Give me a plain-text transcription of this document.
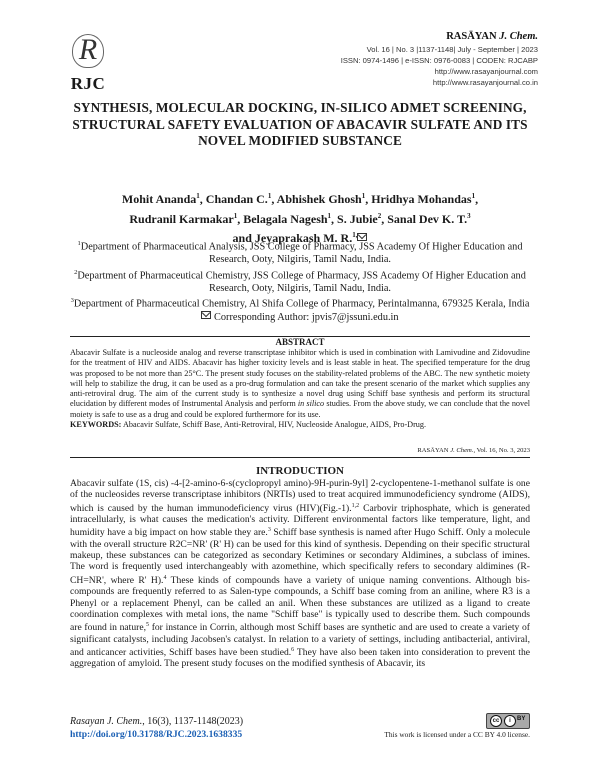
R
RJC
RASĀYAN J. Chem.
Vol. 16 | No. 3 |1137-1148| July - September | 2023
ISSN: 0974-1496 | e-ISSN: 0976-0083 | CODEN: RJCABP
http://www.rasayanjournal.com
http://www.rasayanjournal.co.in
SYNTHESIS, MOLECULAR DOCKING, IN-SILICO ADMET SCREENING, STRUCTURAL SAFETY EVALUATION OF ABACAVIR SULFATE AND ITS NOVEL MODIFIED SUBSTANCE
Mohit Ananda$^1$, Chandan C.$^1$, Abhishek Ghosh$^1$, Hridhya Mohandas$^1$,
Rudranil Karmakar$^1$, Belagala Nagesh$^1$, S. Jubie$^2$, Sanal Dev K. T.$^3$
and Jeyaprakash M. R.$^{1,}$
$^1$Department of Pharmaceutical Analysis, JSS College of Pharmacy, JSS Academy Of Higher Education and Research, Ooty, Nilgiris, Tamil Nadu, India.
$^2$Department of Pharmaceutical Chemistry, JSS College of Pharmacy, JSS Academy Of Higher Education and Research, Ooty, Nilgiris, Tamil Nadu, India.
$^3$Department of Pharmaceutical Chemistry, Al Shifa College of Pharmacy, Perintalmanna, 679325 Kerala, India
Corresponding Author: jpvis7@jssuni.edu.in
ABSTRACT
Abacavir Sulfate is a nucleoside analog and reverse transcriptase inhibitor which is used in combination with Lamivudine and Zidovudine for the treatment of HIV and AIDS. Abacavir has higher toxicity levels and is least stable in heat. The specified temperature for the drug was proposed to be not more than 25°C. The present study focuses on the stability-related problems of the ABC. The new synthetic moiety will help to stabilize the drug, it can be used as a pro-drug formulation and can take the present scenario of the market which supplies any anti-retroviral drug. The aim of the current study is to synthesize a novel drug using Schiff base synthesis and perform its structural elucidation by different modes of Instrumental Analysis and perform in silico studies. From the above study, we can conclude that the novel moiety is safe to use as a drug and could be explored furthermore for its use.
KEYWORDS: Abacavir Sulfate, Schiff Base, Anti-Retroviral, HIV, Nucleoside Analogue, AIDS, Pro-Drug.
RASĀYAN J. Chem., Vol. 16, No. 3, 2023
INTRODUCTION
Abacavir sulfate (1S, cis) -4-[2-amino-6-s(cyclopropyl amino)-9H-purin-9yl] 2-cyclopentene-1-methanol sulfate is one of the nucleosides reverse transcriptase inhibitors (NRTIs) used to treat acquired immunodeficiency syndrome (AIDS), which is caused by the human immunodeficiency virus (HIV)(Fig.-1).$^{1,2}$ Carbovir triphosphate, which is generated intracellularly, is what causes the medication's activity. Different environmental factors like temperature, light, and humidity have a big impact on how stable they are.$^3$ Schiff base synthesis is named after Hugo Schiff. Only a molecule with the overall structure R2C=NR' (R' H) can be used for this kind of synthesis. Depending on their specific structural makeup, these substances can be categorized as secondary Ketimines or secondary Aldimines, a subclass of imines. The word is frequently used interchangeably with azomethine, which specifically refers to secondary aldimines (R-CH=NR', where R' H).$^4$ These kinds of compounds have a variety of unique naming conventions. Although bis-compounds are frequently referred to as Salen-type compounds, a Schiff base coming from an aniline, where R3 is a Phenyl or a replacement Phenyl, can be called an anil. When these substances are utilized as a ligand to create coordination complexes with metal ions, the name "Schiff base" is typically used to describe them. Such compounds are found in nature,$^5$ for instance in Corrin, although most Schiff bases are synthetic and are used to create a variety of significant catalysts, including Jacobsen's catalyst. In relation to a variety of settings, including antibacterial, antiviral, and anticancer activities, Schiff bases have been studied.$^6$ They have also been taken into consideration to prevent the aggregation of amyloid. The present study focuses on the modified synthesis of Abacavir, its
Rasayan J. Chem., 16(3), 1137-1148(2023)
http://doi.org/10.31788/RJC.2023.1638335
cc	i	BY
This work is licensed under a CC BY 4.0 license.
